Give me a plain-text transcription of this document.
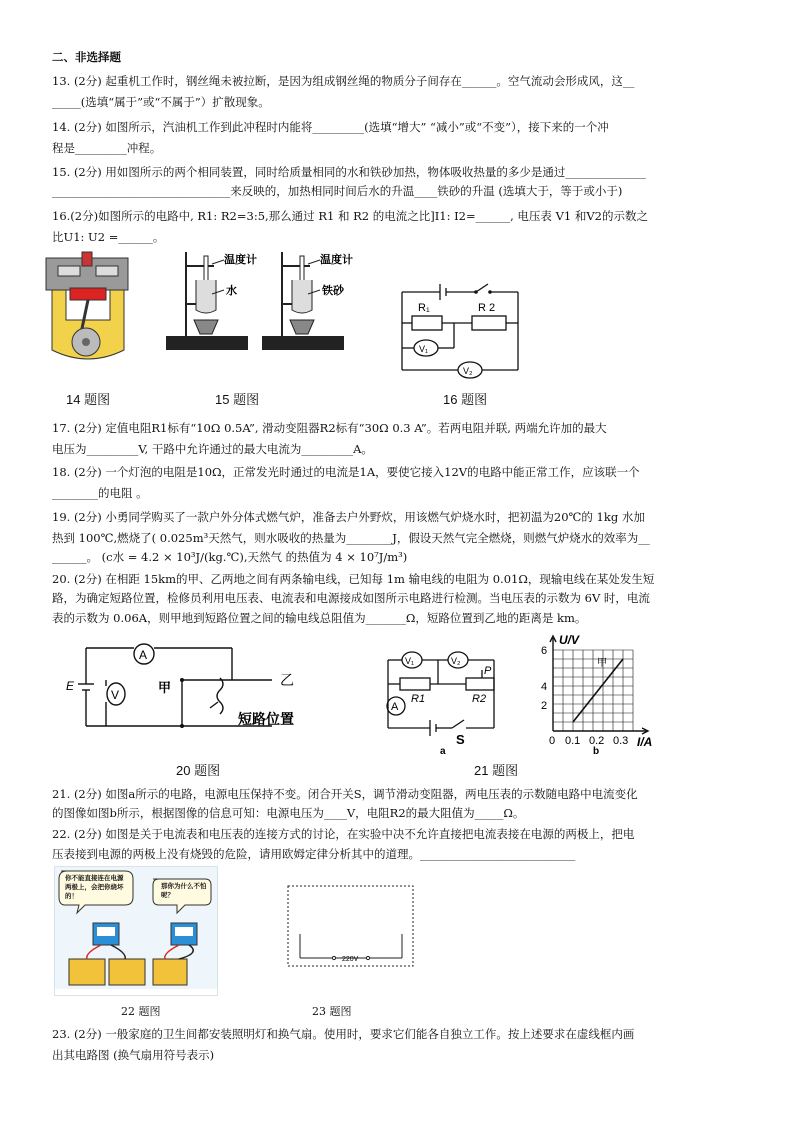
二、非选择题
13. (2分) 起重机工作时，钢丝绳未被拉断，是因为组成钢丝绳的物质分子间存在______。空气流动会形成风，这__
_____(选填“属于”或“不属于”）扩散现象。
14. (2分) 如图所示，汽油机工作到此冲程时内能将_________(选填“增大” “减小”或“不变”），接下来的一个冲
程是_________冲程。
15. (2分) 用如图所示的两个相同装置，同时给质量相同的水和铁砂加热，物体吸收热量的多少是通过______________
_______________________________来反映的，加热相同时间后水的升温____铁砂的升温 (选填大于，等于或小于)
16.(2分)如图所示的电路中, R1: R2=3:5,那么通过 R1 和 R2 的电流之比]I1: I2=______, 电压表 V1 和V2的示数之
比U1: U2 =______。
温度计	温度计
水	铁砂
R₁	R 2
V₁
V₂
14 题图	15 题图	16 题图
17. (2分) 定值电阻R1标有“10Ω 0.5A”, 滑动变阻器R2标有“30Ω 0.3 A”。若两电阻并联, 两端允许加的最大
电压为_________V, 干路中允许通过的最大电流为_________A。
18. (2分) 一个灯泡的电阻是10Ω，正常发光时通过的电流是1A，要使它接入12V的电路中能正常工作，应该联一个
________的电阻 。
19. (2分) 小勇同学购买了一款户外分体式燃气炉，准备去户外野炊，用该燃气炉烧水时，把初温为20℃的 1kg 水加
热到 100℃,燃烧了( 0.025m³天然气，则水吸收的热量为________J，假设天然气完全燃烧，则燃气炉烧水的效率为__
______。 (c水 = 4.2 × 10³J/(kg.℃),天然气 的热值为 4 × 10⁷J/m³)
20. (2分) 在相距 15km的甲、乙两地之间有两条输电线，已知每 1m 输电线的电阻为 0.01Ω，现输电线在某处发生短
路，为确定短路位置，检修员利用电压表、电流表和电源接成如图所示电路进行检测。当电压表的示数为 6V 时，电流
表的示数为 0.06A，则甲地到短路位置之间的输电线总阻值为_______Ω，短路位置到乙地的距离是 km。
A
V
E	甲	乙
短路位置
V₁	V₂
R1	R2
P
A
S
a
U/V
I/A
甲
6
4
2
0 0.1 0.2 0.3
b
20 题图	21 题图
21. (2分) 如图a所示的电路，电源电压保持不变。闭合开关S，调节滑动变阻器，两电压表的示数随电路中电流变化
的图像如图b所示，根据图像的信息可知：电源电压为____V，电阻R2的最大阻值为_____Ω。
22. (2分) 如图是关于电流表和电压表的连接方式的讨论，在实验中决不允许直接把电流表接在电源的两极上，把电
压表接到电源的两极上没有烧毁的危险，请用欧姆定律分析其中的道理。___________________________
你不能直接连在电源两极上，会把你烧坏的！
那你为什么不怕呢？
220V
22 题图	23 题图
23. (2分) 一般家庭的卫生间都安装照明灯和换气扇。使用时，要求它们能各自独立工作。按上述要求在虚线框内画
出其电路图 (换气扇用符号表示)
